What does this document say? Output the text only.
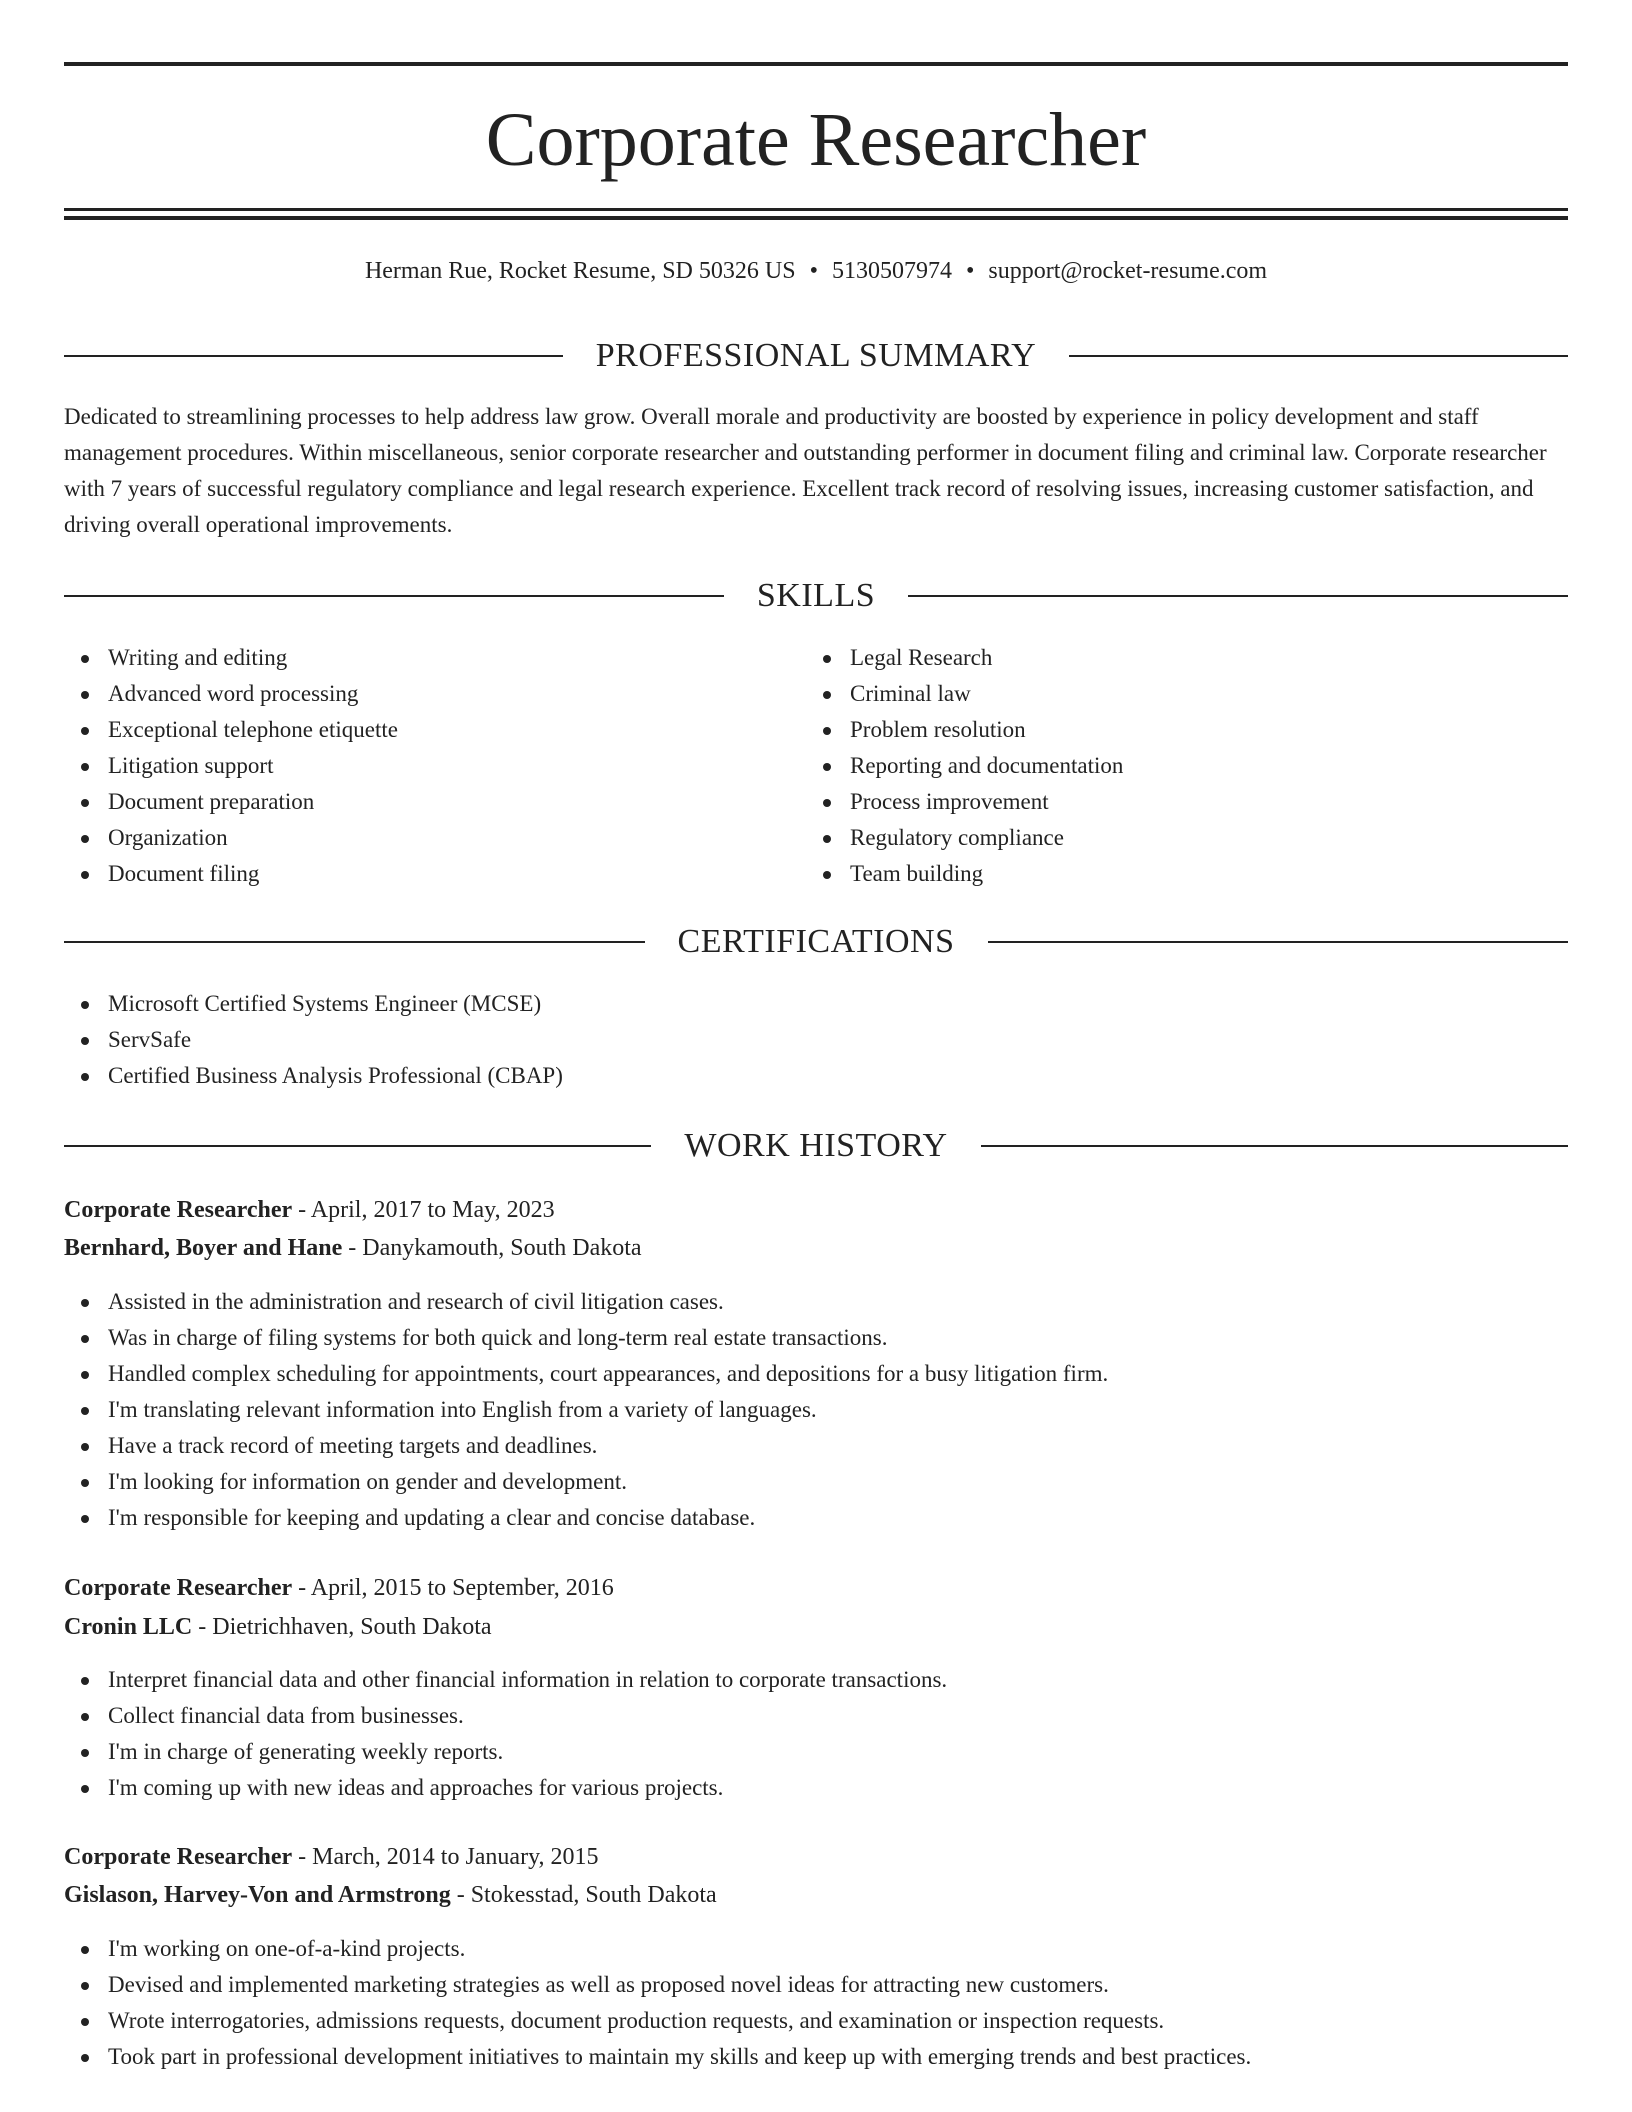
Corporate Researcher
Herman Rue, Rocket Resume, SD 50326 US • 5130507974 • support@rocket-resume.com
PROFESSIONAL SUMMARY

Dedicated to streamlining processes to help address law grow. Overall morale and productivity are boosted by experience in policy development and staff management procedures. Within miscellaneous, senior corporate researcher and outstanding performer in document filing and criminal law. Corporate researcher with 7 years of successful regulatory compliance and legal research experience. Excellent track record of resolving issues, increasing customer satisfaction, and driving overall operational improvements.

SKILLS
Writing and editing
Advanced word processing
Exceptional telephone etiquette
Litigation support
Document preparation
Organization
Document filing
Legal Research
Criminal law
Problem resolution
Reporting and documentation
Process improvement
Regulatory compliance
Team building
CERTIFICATIONS
Microsoft Certified Systems Engineer (MCSE)
ServSafe
Certified Business Analysis Professional (CBAP)
WORK HISTORY
Corporate Researcher - April, 2017 to May, 2023
Bernhard, Boyer and Hane - Danykamouth, South Dakota
Assisted in the administration and research of civil litigation cases.
Was in charge of filing systems for both quick and long-term real estate transactions.
Handled complex scheduling for appointments, court appearances, and depositions for a busy litigation firm.
I'm translating relevant information into English from a variety of languages.
Have a track record of meeting targets and deadlines.
I'm looking for information on gender and development.
I'm responsible for keeping and updating a clear and concise database.
Corporate Researcher - April, 2015 to September, 2016
Cronin LLC - Dietrichhaven, South Dakota
Interpret financial data and other financial information in relation to corporate transactions.
Collect financial data from businesses.
I'm in charge of generating weekly reports.
I'm coming up with new ideas and approaches for various projects.
Corporate Researcher - March, 2014 to January, 2015
Gislason, Harvey-Von and Armstrong - Stokesstad, South Dakota
I'm working on one-of-a-kind projects.
Devised and implemented marketing strategies as well as proposed novel ideas for attracting new customers.
Wrote interrogatories, admissions requests, document production requests, and examination or inspection requests.
Took part in professional development initiatives to maintain my skills and keep up with emerging trends and best practices.
